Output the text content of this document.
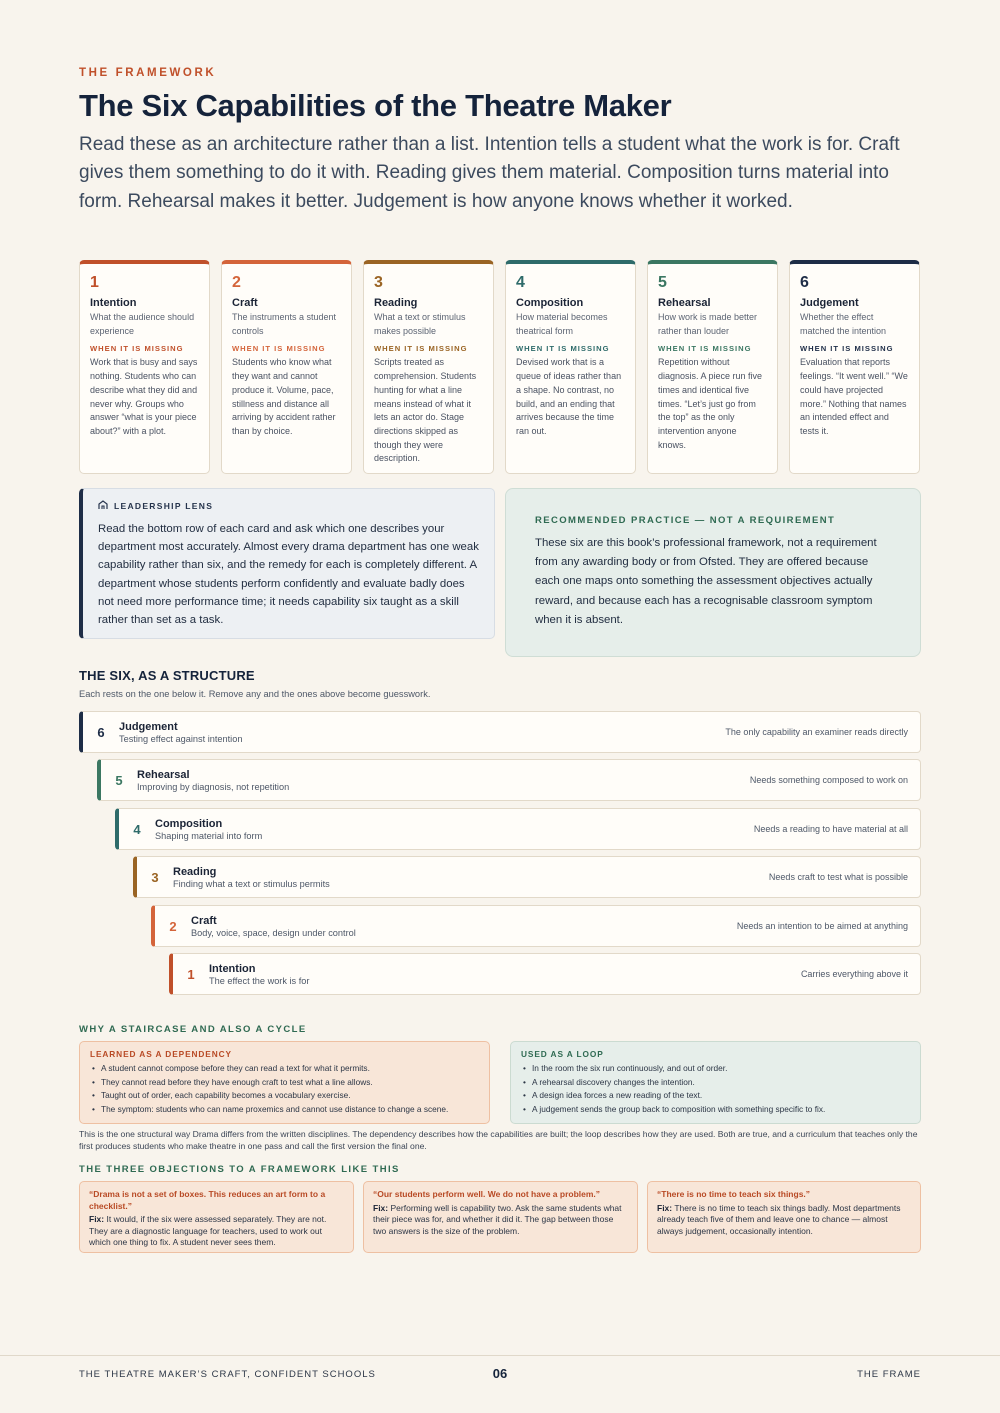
THE FRAMEWORK
The Six Capabilities of the Theatre Maker

Read these as an architecture rather than a list. Intention tells a student what the work is for. Craft gives them something to do it with. Reading gives them material. Composition turns material into form. Rehearsal makes it better. Judgement is how anyone knows whether it worked.

1
Intention
What the audience should experience
WHEN IT IS MISSING
Work that is busy and says nothing. Students who can describe what they did and never why. Groups who answer “what is your piece about?” with a plot.
2
Craft
The instruments a student controls
WHEN IT IS MISSING
Students who know what they want and cannot produce it. Volume, pace, stillness and distance all arriving by accident rather than by choice.
3
Reading
What a text or stimulus makes possible
WHEN IT IS MISSING
Scripts treated as comprehension. Students hunting for what a line means instead of what it lets an actor do. Stage directions skipped as though they were description.
4
Composition
How material becomes theatrical form
WHEN IT IS MISSING
Devised work that is a queue of ideas rather than a shape. No contrast, no build, and an ending that arrives because the time ran out.
5
Rehearsal
How work is made better rather than louder
WHEN IT IS MISSING
Repetition without diagnosis. A piece run five times and identical five times. “Let’s just go from the top” as the only intervention anyone knows.
6
Judgement
Whether the effect matched the intention
WHEN IT IS MISSING
Evaluation that reports feelings. “It went well.” “We could have projected more.” Nothing that names an intended effect and tests it.
LEADERSHIP LENS

Read the bottom row of each card and ask which one describes your department most accurately. Almost every drama department has one weak capability rather than six, and the remedy for each is completely different. A department whose students perform confidently and evaluate badly does not need more performance time; it needs capability six taught as a skill rather than set as a task.

RECOMMENDED PRACTICE — NOT A REQUIREMENT

These six are this book’s professional framework, not a requirement from any awarding body or from Ofsted. They are offered because each one maps onto something the assessment objectives actually reward, and because each has a recognisable classroom symptom when it is absent.

THE SIX, AS A STRUCTURE

Each rests on the one below it. Remove any and the ones above become guesswork.

6	Judgement
Testing effect against intention
The only capability an examiner reads directly
5	Rehearsal
Improving by diagnosis, not repetition
Needs something composed to work on
4	Composition
Shaping material into form
Needs a reading to have material at all
3	Reading
Finding what a text or stimulus permits
Needs craft to test what is possible
2	Craft
Body, voice, space, design under control
Needs an intention to be aimed at anything
1	Intention
The effect the work is for
Carries everything above it
WHY A STAIRCASE AND ALSO A CYCLE
LEARNED AS A DEPENDENCY
• A student cannot compose before they can read a text for what it permits.
• They cannot read before they have enough craft to test what a line allows.
• Taught out of order, each capability becomes a vocabulary exercise.
• The symptom: students who can name proxemics and cannot use distance to change a scene.
USED AS A LOOP
• In the room the six run continuously, and out of order.
• A rehearsal discovery changes the intention.
• A design idea forces a new reading of the text.
• A judgement sends the group back to composition with something specific to fix.

This is the one structural way Drama differs from the written disciplines. The dependency describes how the capabilities are built; the loop describes how they are used. Both are true, and a curriculum that teaches only the first produces students who make theatre in one pass and call the first version the final one.

THE THREE OBJECTIONS TO A FRAMEWORK LIKE THIS
“Drama is not a set of boxes. This reduces an art form to a checklist.”
Fix: It would, if the six were assessed separately. They are not. They are a diagnostic language for teachers, used to work out which one thing to fix. A student never sees them.
“Our students perform well. We do not have a problem.”
Fix: Performing well is capability two. Ask the same students what their piece was for, and whether it did it. The gap between those two answers is the size of the problem.
“There is no time to teach six things.”
Fix: There is no time to teach six things badly. Most departments already teach five of them and leave one to chance — almost always judgement, occasionally intention.
THE THEATRE MAKER’S CRAFT, CONFIDENT SCHOOLS	06	THE FRAME
